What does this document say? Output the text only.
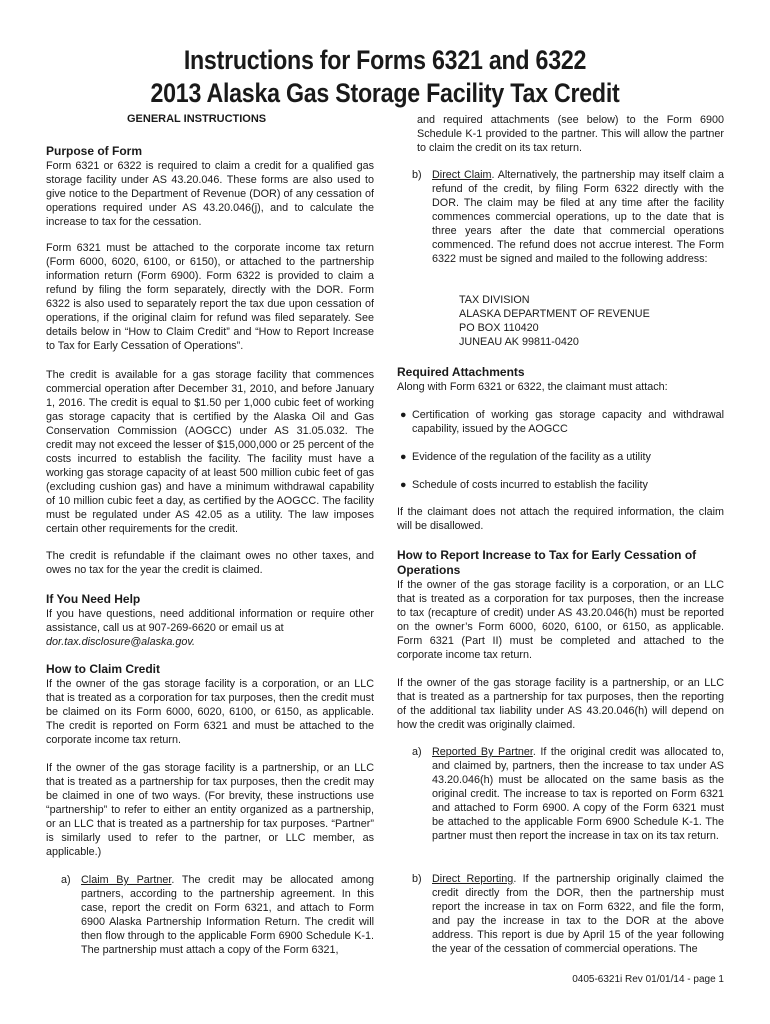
Instructions for Forms 6321 and 6322
2013 Alaska Gas Storage Facility Tax Credit
GENERAL INSTRUCTIONS
Purpose of Form

Form 6321 or 6322 is required to claim a credit for a qualified gas storage facility under AS 43.20.046. These forms are also used to give notice to the Department of Revenue (DOR) of any cessation of operations required under AS 43.20.046(j), and to calculate the increase to tax for the cessation.

Form 6321 must be attached to the corporate income tax return (Form 6000, 6020, 6100, or 6150), or attached to the partnership information return (Form 6900). Form 6322 is provided to claim a refund by filing the form separately, directly with the DOR. Form 6322 is also used to separately report the tax due upon cessation of operations, if the original claim for refund was filed separately. See details below in “How to Claim Credit” and “How to Report Increase to Tax for Early Cessation of Operations”.

The credit is available for a gas storage facility that commences commercial operation after December 31, 2010, and before January 1, 2016. The credit is equal to $1.50 per 1,000 cubic feet of working gas storage capacity that is certified by the Alaska Oil and Gas Conservation Commission (AOGCC) under AS 31.05.032. The credit may not exceed the lesser of $15,000,000 or 25 percent of the costs incurred to establish the facility. The facility must have a working gas storage capacity of at least 500 million cubic feet of gas (excluding cushion gas) and have a minimum withdrawal capability of 10 million cubic feet a day, as certified by the AOGCC. The facility must be regulated under AS 42.05 as a utility. The law imposes certain other requirements for the credit.

The credit is refundable if the claimant owes no other taxes, and owes no tax for the year the credit is claimed.

If You Need Help

If you have questions, need additional information or require other assistance, call us at 907-269-6620 or email us at
dor.tax.disclosure@alaska.gov.

How to Claim Credit

If the owner of the gas storage facility is a corporation, or an LLC that is treated as a corporation for tax purposes, then the credit must be claimed on its Form 6000, 6020, 6100, or 6150, as applicable. The credit is reported on Form 6321 and must be attached to the corporate income tax return.

If the owner of the gas storage facility is a partnership, or an LLC that is treated as a partnership for tax purposes, then the credit may be claimed in one of two ways. (For brevity, these instructions use “partnership” to refer to either an entity organized as a partnership, or an LLC that is treated as a partnership for tax purposes. “Partner” is similarly used to refer to the partner, or LLC member, as applicable.)

a) Claim By Partner. The credit may be allocated among partners, according to the partnership agreement. In this case, report the credit on Form 6321, and attach to Form 6900 Alaska Partnership Information Return. The credit will then flow through to the applicable Form 6900 Schedule K-1. The partnership must attach a copy of the Form 6321,

and required attachments (see below) to the Form 6900 Schedule K-1 provided to the partner. This will allow the partner to claim the credit on its tax return.

b) Direct Claim. Alternatively, the partnership may itself claim a refund of the credit, by filing Form 6322 directly with the DOR. The claim may be filed at any time after the facility commences commercial operations, up to the date that is three years after the date that commercial operations commenced. The refund does not accrue interest. The Form 6322 must be signed and mailed to the following address:

TAX DIVISION
ALASKA DEPARTMENT OF REVENUE
PO BOX 110420
JUNEAU AK 99811-0420
Required Attachments

Along with Form 6321 or 6322, the claimant must attach:

● Certification of working gas storage capacity and withdrawal capability, issued by the AOGCC

● Evidence of the regulation of the facility as a utility

● Schedule of costs incurred to establish the facility

If the claimant does not attach the required information, the claim will be disallowed.

How to Report Increase to Tax for Early Cessation of Operations

If the owner of the gas storage facility is a corporation, or an LLC that is treated as a corporation for tax purposes, then the increase to tax (recapture of credit) under AS 43.20.046(h) must be reported on the owner’s Form 6000, 6020, 6100, or 6150, as applicable. Form 6321 (Part II) must be completed and attached to the corporate income tax return.

If the owner of the gas storage facility is a partnership, or an LLC that is treated as a partnership for tax purposes, then the reporting of the additional tax liability under AS 43.20.046(h) will depend on how the credit was originally claimed.

a) Reported By Partner. If the original credit was allocated to, and claimed by, partners, then the increase to tax under AS 43.20.046(h) must be allocated on the same basis as the original credit. The increase to tax is reported on Form 6321 and attached to Form 6900. A copy of the Form 6321 must be attached to the applicable Form 6900 Schedule K-1. The partner must then report the increase in tax on its tax return.

b) Direct Reporting. If the partnership originally claimed the credit directly from the DOR, then the partnership must report the increase in tax on Form 6322, and file the form, and pay the increase in tax to the DOR at the above address. This report is due by April 15 of the year following the year of the cessation of commercial operations. The

0405-6321i Rev 01/01/14 - page 1
